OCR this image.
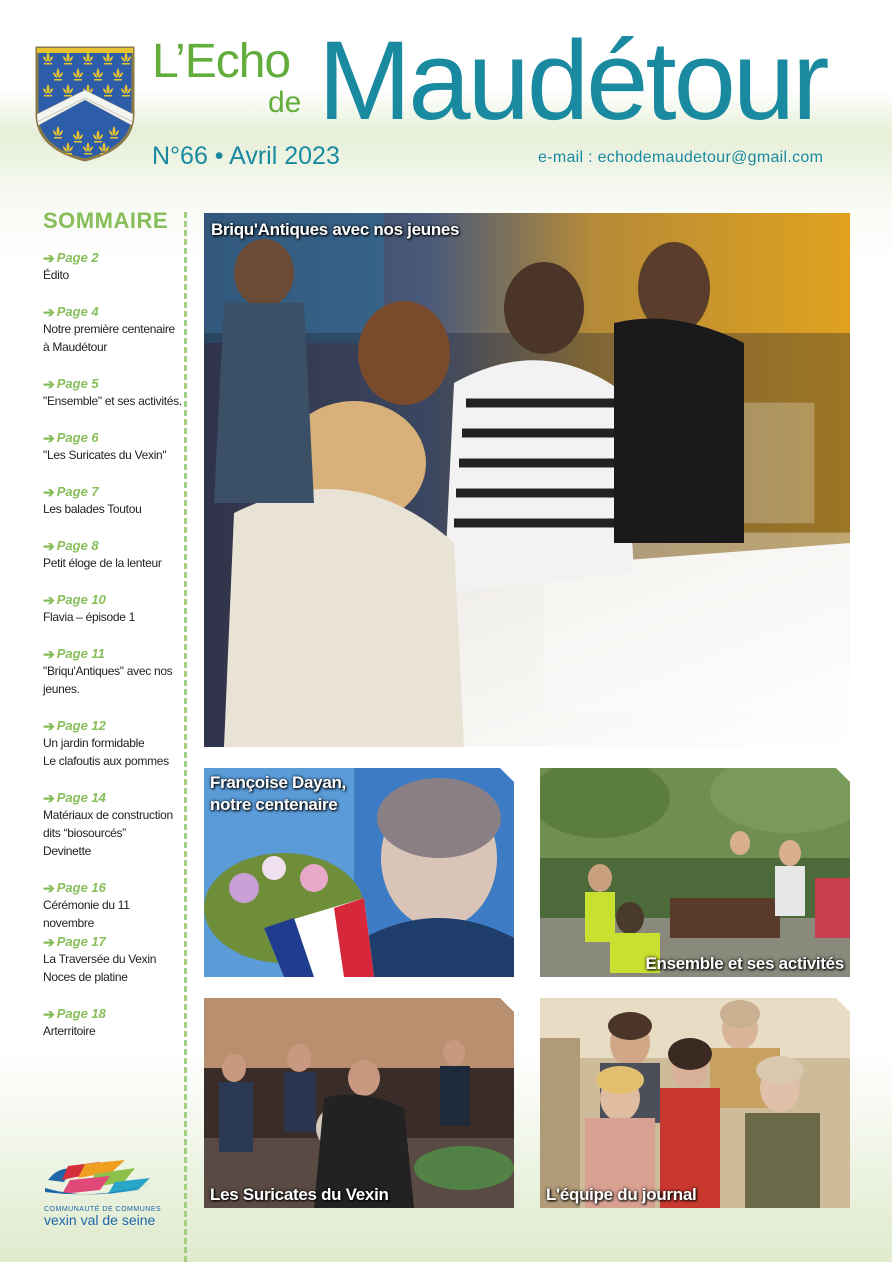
L’Echo
de Maudétour
N°66 • Avril 2023	e-mail : echodemaudetour@gmail.com
SOMMAIRE
➔ Page 2
Édito
➔ Page 4
Notre première centenaire
à Maudétour
➔ Page 5
"Ensemble" et ses activités.
➔ Page 6
"Les Suricates du Vexin"
➔ Page 7
Les balades Toutou
➔ Page 8
Petit éloge de la lenteur
➔ Page 10
Flavia – épisode 1
➔ Page 11
"Briqu'Antiques" avec nos
jeunes.
➔ Page 12
Un jardin formidable
Le clafoutis aux pommes
➔ Page 14
Matériaux de construction
dits “biosourcés”
Devinette
➔ Page 16
Cérémonie du 11 novembre
➔ Page 17
La Traversée du Vexin
Noces de platine
➔ Page 18
Arterritoire
Briqu'Antiques avec nos jeunes
Françoise Dayan,
notre centenaire
Ensemble et ses activités
Les Suricates du Vexin	L'équipe du journal
COMMUNAUTÉ DE COMMUNES
vexin val de seine
